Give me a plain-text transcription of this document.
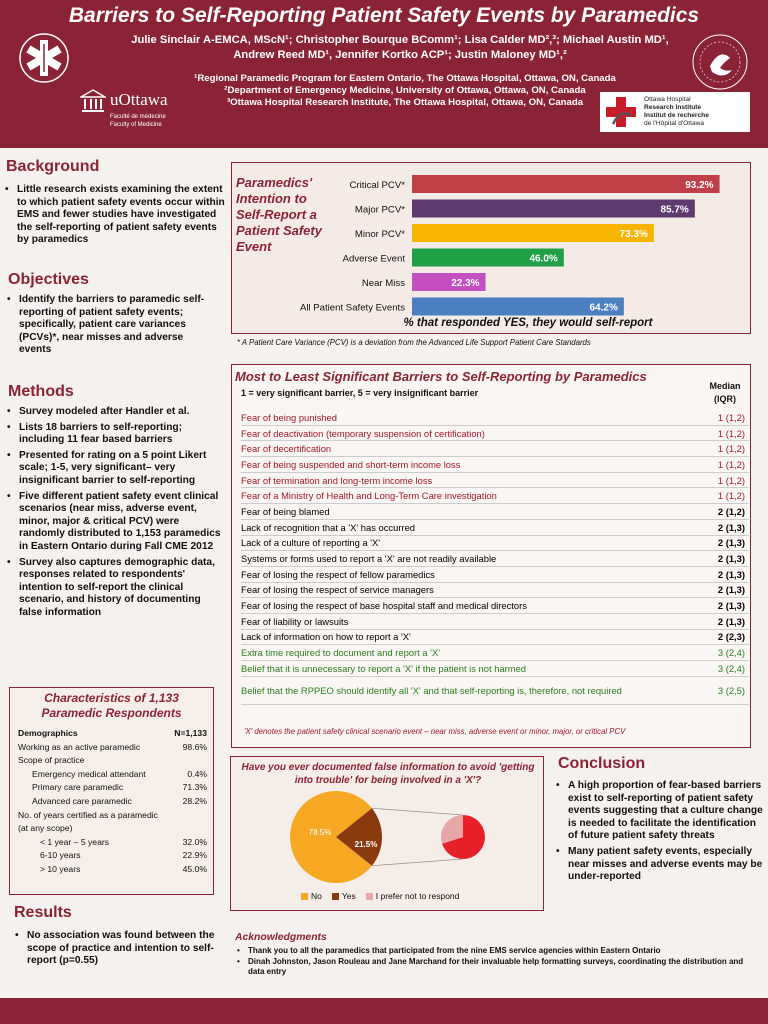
Barriers to Self-Reporting Patient Safety Events by Paramedics
Julie Sinclair A-EMCA, MScN¹; Christopher Bourque BComm¹; Lisa Calder MD²,³; Michael Austin MD¹,
Andrew Reed MD¹, Jennifer Kortko ACP¹; Justin Maloney MD¹,²
¹Regional Paramedic Program for Eastern Ontario, The Ottawa Hospital, Ottawa, ON, Canada
²Department of Emergency Medicine, University of Ottawa, Ottawa, ON, Canada
³Ottawa Hospital Research Institute, The Ottawa Hospital, Ottawa, ON, Canada
uOttawa
Faculté de médecine
Faculty of Medicine
Ottawa Hospital
Research Institute
Institut de recherche
de l'Hôpital d'Ottawa
Background
• Little research exists examining the extent to which patient safety events occur within EMS and fewer studies have investigated the self-reporting of patient safety events by paramedics
Objectives
• Identify the barriers to paramedic self-reporting of patient safety events; specifically, patient care variances (PCVs)*, near misses and adverse events
Methods
• Survey modeled after Handler et al.
• Lists 18 barriers to self-reporting; including 11 fear based barriers
• Presented for rating on a 5 point Likert scale; 1-5, very significant– very insignificant barrier to self-reporting
• Five different patient safety event clinical scenarios (near miss, adverse event, minor, major & critical PCV) were randomly distributed to 1,153 paramedics in Eastern Ontario during Fall CME 2012
• Survey also captures demographic data, responses related to respondents' intention to self-report the clinical scenario, and history of documenting false information
Characteristics of 1,133
Paramedic Respondents
Demographics	N=1,133
Working as an active paramedic	98.6%
Scope of practice
Emergency medical attendant	0.4%
Primary care paramedic	71.3%
Advanced care paramedic	28.2%
No. of years certified as a paramedic
(at any scope)
< 1 year – 5 years	32.0%
6-10 years	22.9%
> 10 years	45.0%
Results
• No association was found between the scope of practice and intention to self-report (p=0.55)
Paramedics' Intention to Self-Report a Patient Safety Event
Critical PCV*	93.2%
Major PCV*	85.7%
Minor PCV*	73.3%
Adverse Event	46.0%
Near Miss	22.3%
All Patient Safety Events	64.2%
% that responded YES, they would self-report
* A Patient Care Variance (PCV) is a deviation from the Advanced Life Support Patient Care Standards
Most to Least Significant Barriers to Self-Reporting by Paramedics
1 = very significant barrier, 5 = very insignificant barrier
Median
(IQR)
Fear of being punished	1 (1,2)
Fear of deactivation (temporary suspension of certification)	1 (1,2)
Fear of decertification	1 (1,2)
Fear of being suspended and short-term income loss	1 (1,2)
Fear of termination and long-term income loss	1 (1,2)
Fear of a Ministry of Health and Long-Term Care investigation	1 (1,2)
Fear of being blamed	2 (1,2)
Lack of recognition that a 'X' has occurred	2 (1,3)
Lack of a culture of reporting a 'X'	2 (1,3)
Systems or forms used to report a 'X' are not readily available	2 (1,3)
Fear of losing the respect of fellow paramedics	2 (1,3)
Fear of losing the respect of service managers	2 (1,3)
Fear of losing the respect of base hospital staff and medical directors	2 (1,3)
Fear of liability or lawsuits	2 (1,3)
Lack of information on how to report a 'X'	2 (2,3)
Extra time required to document and report a 'X'	3 (2,4)
Belief that it is unnecessary to report a 'X' if the patient is not harmed	3 (2,4)
Belief that the RPPEO should identify all 'X' and that self-reporting is, therefore, not required	3 (2,5)
'X' denotes the patient safety clinical scenario event – near miss, adverse event or minor, major, or critical PCV
Have you ever documented false information to avoid 'getting into trouble' for being involved in a 'X'?
78.5%
21.5%
No	Yes	I prefer not to respond
Conclusion
• A high proportion of fear-based barriers exist to self-reporting of patient safety events suggesting that a culture change is needed to facilitate the identification of future patient safety threats
• Many patient safety events, especially near misses and adverse events may be under-reported
Acknowledgments
• Thank you to all the paramedics that participated from the nine EMS service agencies within Eastern Ontario
• Dinah Johnston, Jason Rouleau and Jane Marchand for their invaluable help formatting surveys, coordinating the distribution and data entry
